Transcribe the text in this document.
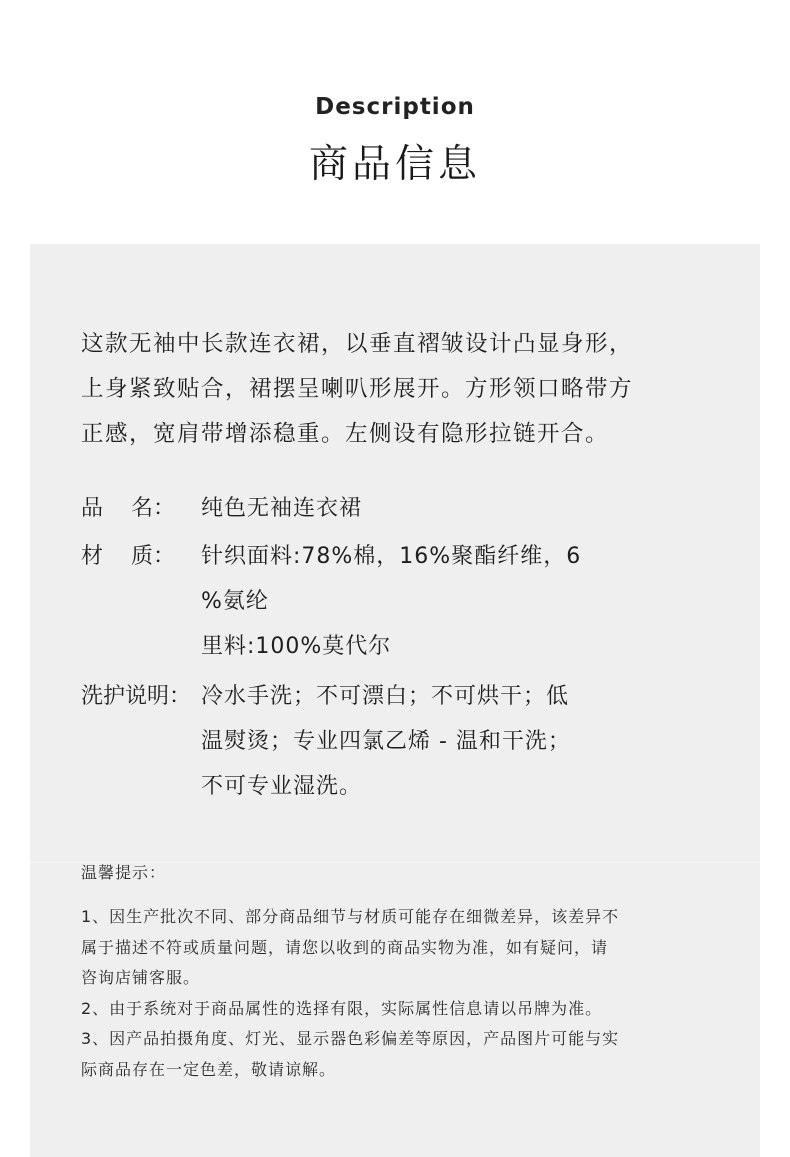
Description
商品信息
这款无袖中长款连衣裙，以垂直褶皱设计凸显身形，
上身紧致贴合，裙摆呈喇叭形展开。方形领口略带方
正感，宽肩带增添稳重。左侧设有隐形拉链开合。
品    名：	纯色无袖连衣裙
材    质：	针织面料:78%棉，16%聚酯纤维，6
%氨纶
里料:100%莫代尔
洗护说明： 冷水手洗；不可漂白；不可烘干；低
温熨烫；专业四氯乙烯 - 温和干洗；
不可专业湿洗。
温馨提示：

1、因生产批次不同、部分商品细节与材质可能存在细微差异，该差异不

属于描述不符或质量问题，请您以收到的商品实物为准，如有疑问，请

咨询店铺客服。

2、由于系统对于商品属性的选择有限，实际属性信息请以吊牌为准。

3、因产品拍摄角度、灯光、显示器色彩偏差等原因，产品图片可能与实

际商品存在一定色差，敬请谅解。
